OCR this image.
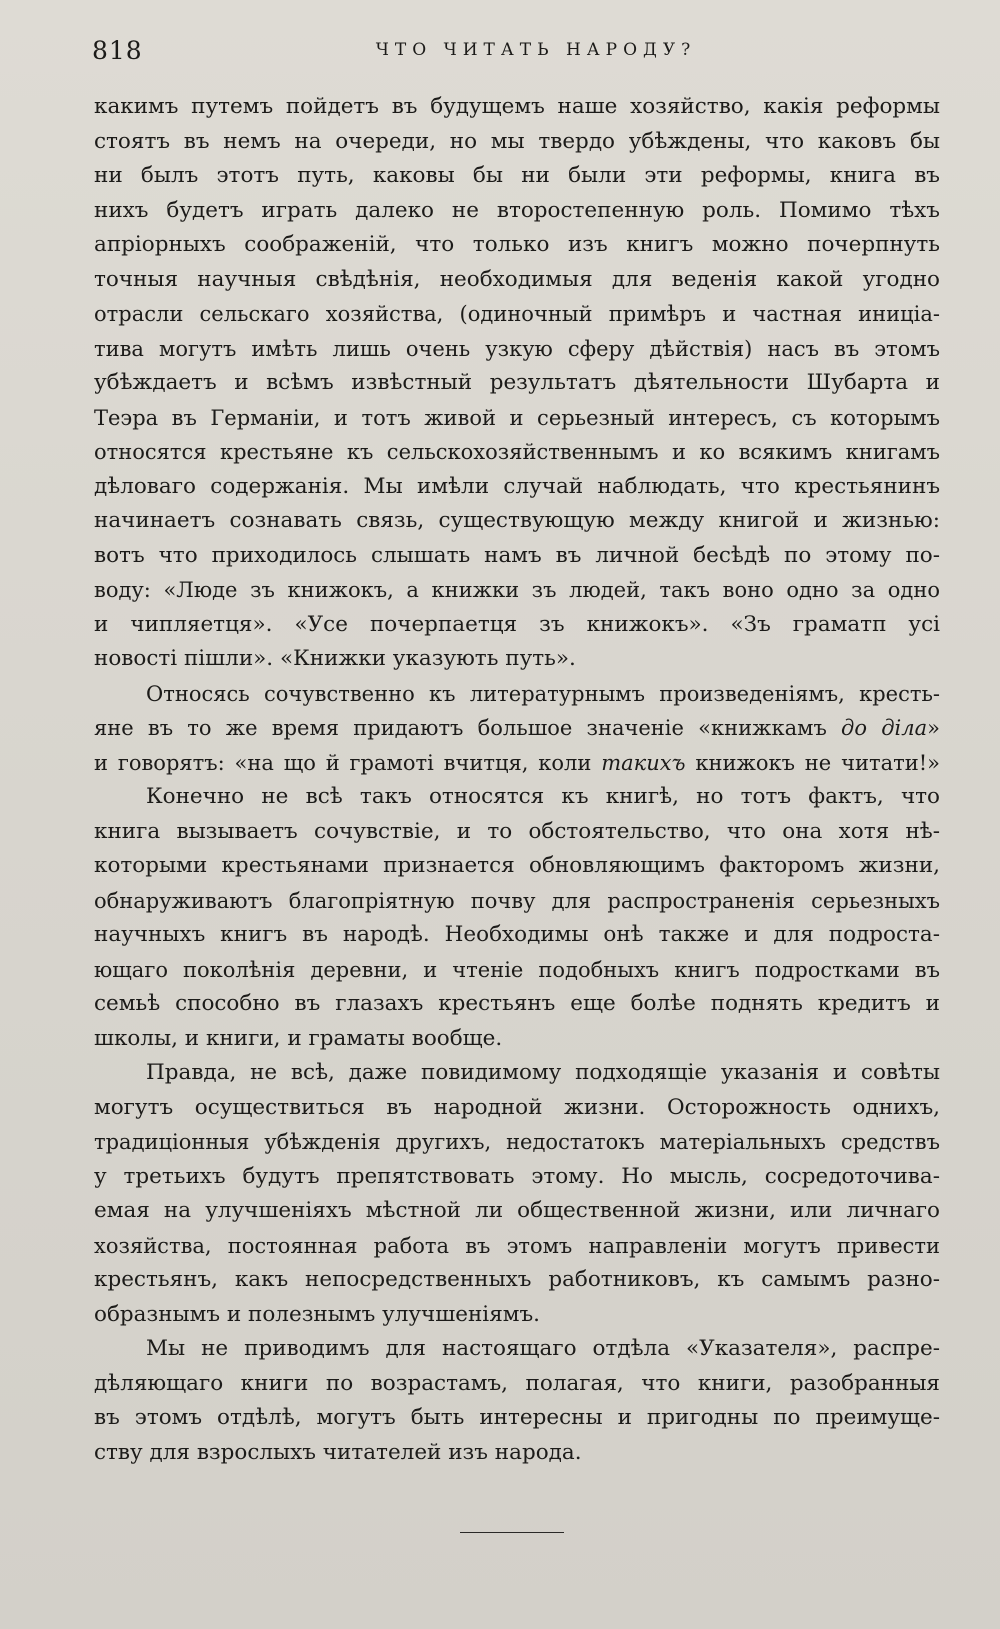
818	ЧТО ЧИТАТЬ НАРОДУ?

какимъ путемъ пойдетъ въ будущемъ наше хозяйство, какія реформы

стоятъ въ немъ на очереди, но мы твердо убѣждены, что каковъ бы

ни былъ этотъ путь, каковы бы ни были эти реформы, книга въ

нихъ будетъ играть далеко не второстепенную роль. Помимо тѣхъ

апріорныхъ соображеній, что только изъ книгъ можно почерпнуть

точныя научныя свѣдѣнія, необходимыя для веденія какой угодно

отрасли сельскаго хозяйства, (одиночный примѣръ и частная иниціа-

тива могутъ имѣть лишь очень узкую сферу дѣйствія) насъ въ этомъ

убѣждаетъ и всѣмъ извѣстный результатъ дѣятельности Шубарта и

Теэра въ Германіи, и тотъ живой и серьезный интересъ, съ которымъ

относятся крестьяне къ сельскохозяйственнымъ и ко всякимъ книгамъ

дѣловаго содержанія. Мы имѣли случай наблюдать, что крестьянинъ

начинаетъ сознавать связь, существующую между книгой и жизнью:

вотъ что приходилось слышать намъ въ личной бесѣдѣ по этому по-

воду: «Люде зъ книжокъ, а книжки зъ людей, такъ воно одно за одно

и чипляетця». «Усе почерпаетця зъ книжокъ». «Зъ граматп усі

новості пішли». «Книжки указують путь».

Относясь сочувственно къ литературнымъ произведеніямъ, кресть-

яне въ то же время придаютъ большое значеніе «книжкамъ до діла»

и говорятъ: «на що й грамоті вчитця, коли такихъ книжокъ не читати!»

Конечно не всѣ такъ относятся къ книгѣ, но тотъ фактъ, что

книга вызываетъ сочувствіе, и то обстоятельство, что она хотя нѣ-

которыми крестьянами признается обновляющимъ факторомъ жизни,

обнаруживаютъ благопріятную почву для распространенія серьезныхъ

научныхъ книгъ въ народѣ. Необходимы онѣ также и для подроста-

ющаго поколѣнія деревни, и чтеніе подобныхъ книгъ подростками въ

семьѣ способно въ глазахъ крестьянъ еще болѣе поднять кредитъ и

школы, и книги, и граматы вообще.

Правда, не всѣ, даже повидимому подходящіе указанія и совѣты

могутъ осуществиться въ народной жизни. Осторожность однихъ,

традиціонныя убѣжденія другихъ, недостатокъ матеріальныхъ средствъ

у третьихъ будутъ препятствовать этому. Но мысль, сосредоточива-

емая на улучшеніяхъ мѣстной ли общественной жизни, или личнаго

хозяйства, постоянная работа въ этомъ направленіи могутъ привести

крестьянъ, какъ непосредственныхъ работниковъ, къ самымъ разно-

образнымъ и полезнымъ улучшеніямъ.

Мы не приводимъ для настоящаго отдѣла «Указателя», распре-

дѣляющаго книги по возрастамъ, полагая, что книги, разобранныя

въ этомъ отдѣлѣ, могутъ быть интересны и пригодны по преимуще-

ству для взрослыхъ читателей изъ народа.
